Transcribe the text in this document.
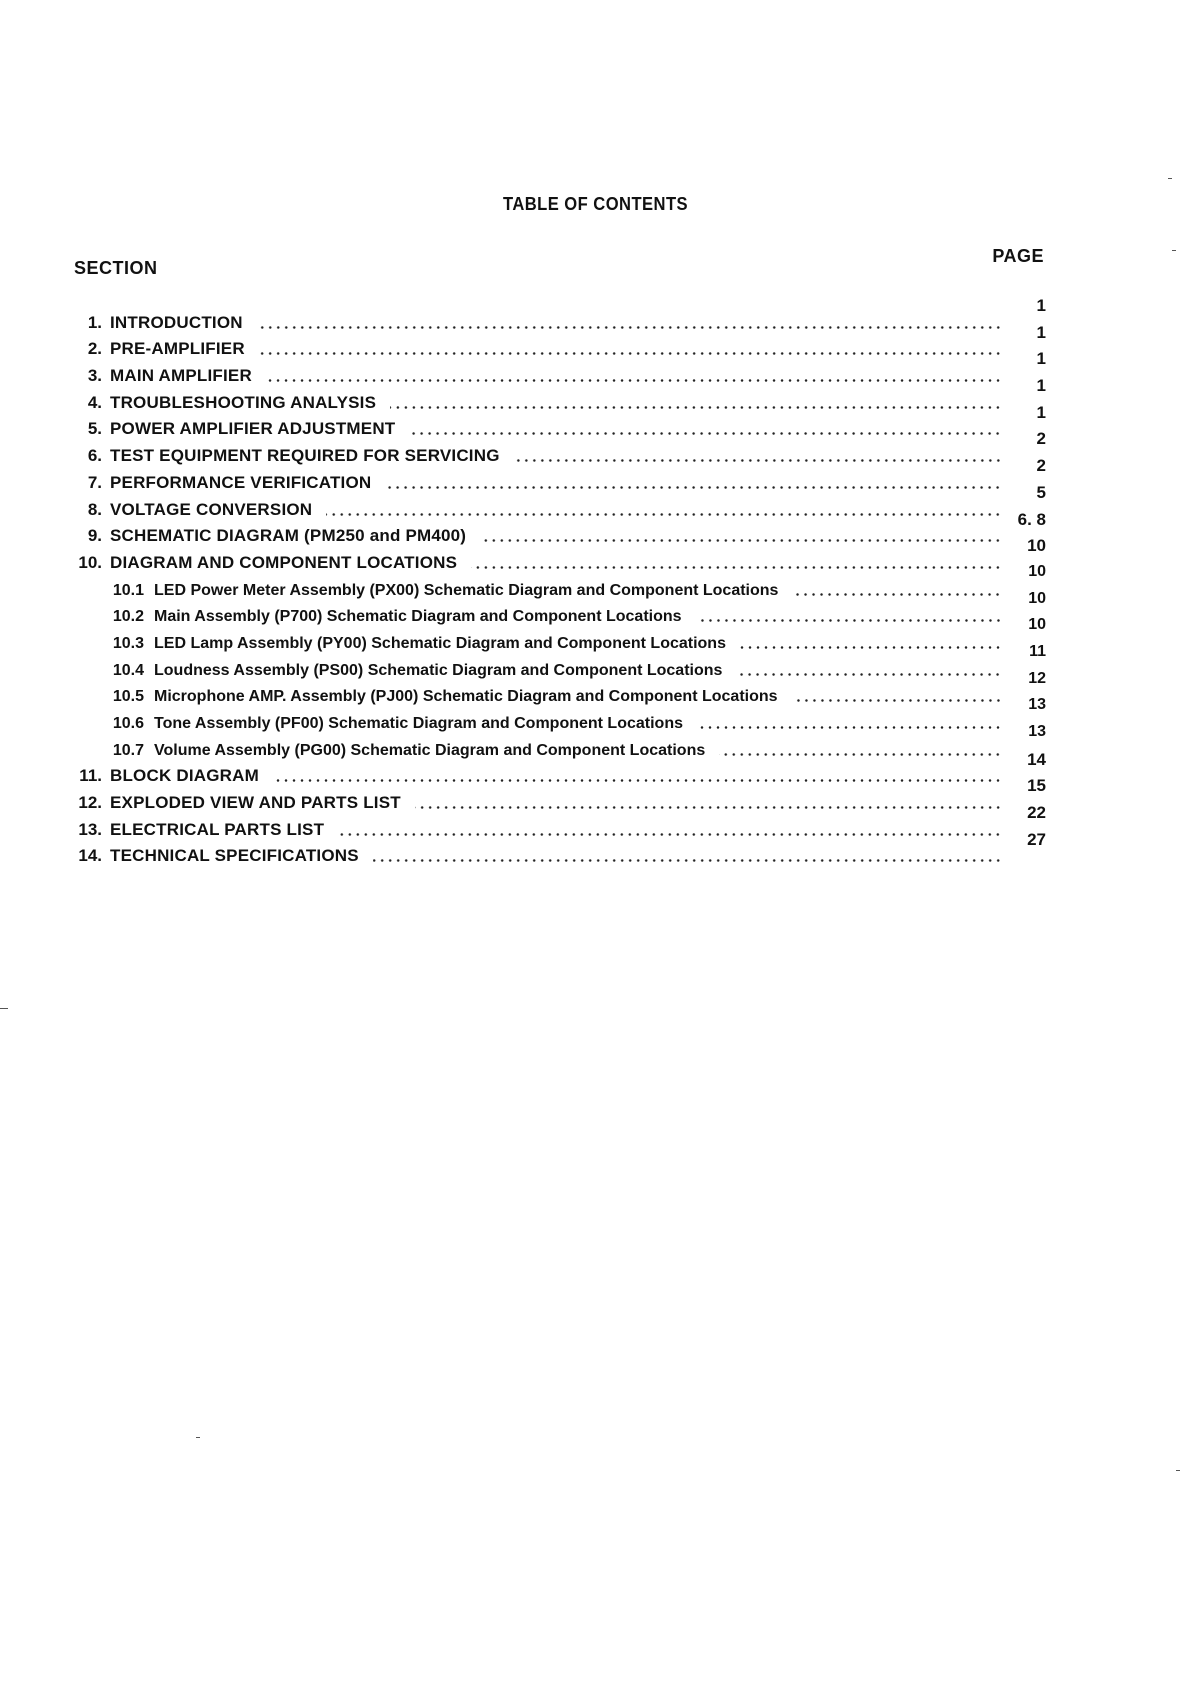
TABLE OF CONTENTS
SECTION
PAGE
1. INTRODUCTION
1
2. PRE-AMPLIFIER
1
3. MAIN AMPLIFIER
1
4. TROUBLESHOOTING ANALYSIS
1
5. POWER AMPLIFIER ADJUSTMENT
1
6. TEST EQUIPMENT REQUIRED FOR SERVICING
2
7. PERFORMANCE VERIFICATION
2
8. VOLTAGE CONVERSION
5
9. SCHEMATIC DIAGRAM (PM250 and PM400)
6. 8
10. DIAGRAM AND COMPONENT LOCATIONS
10
10.1 LED Power Meter Assembly (PX00) Schematic Diagram and Component Locations
10
10.2 Main Assembly (P700) Schematic Diagram and Component Locations
10
10.3 LED Lamp Assembly (PY00) Schematic Diagram and Component Locations
10
10.4 Loudness Assembly (PS00) Schematic Diagram and Component Locations
11
10.5 Microphone AMP. Assembly (PJ00) Schematic Diagram and Component Locations
12
10.6 Tone Assembly (PF00) Schematic Diagram and Component Locations
13
10.7 Volume Assembly (PG00) Schematic Diagram and Component Locations
13
11. BLOCK DIAGRAM
14
12. EXPLODED VIEW AND PARTS LIST
15
13. ELECTRICAL PARTS LIST
22
14. TECHNICAL SPECIFICATIONS
27
